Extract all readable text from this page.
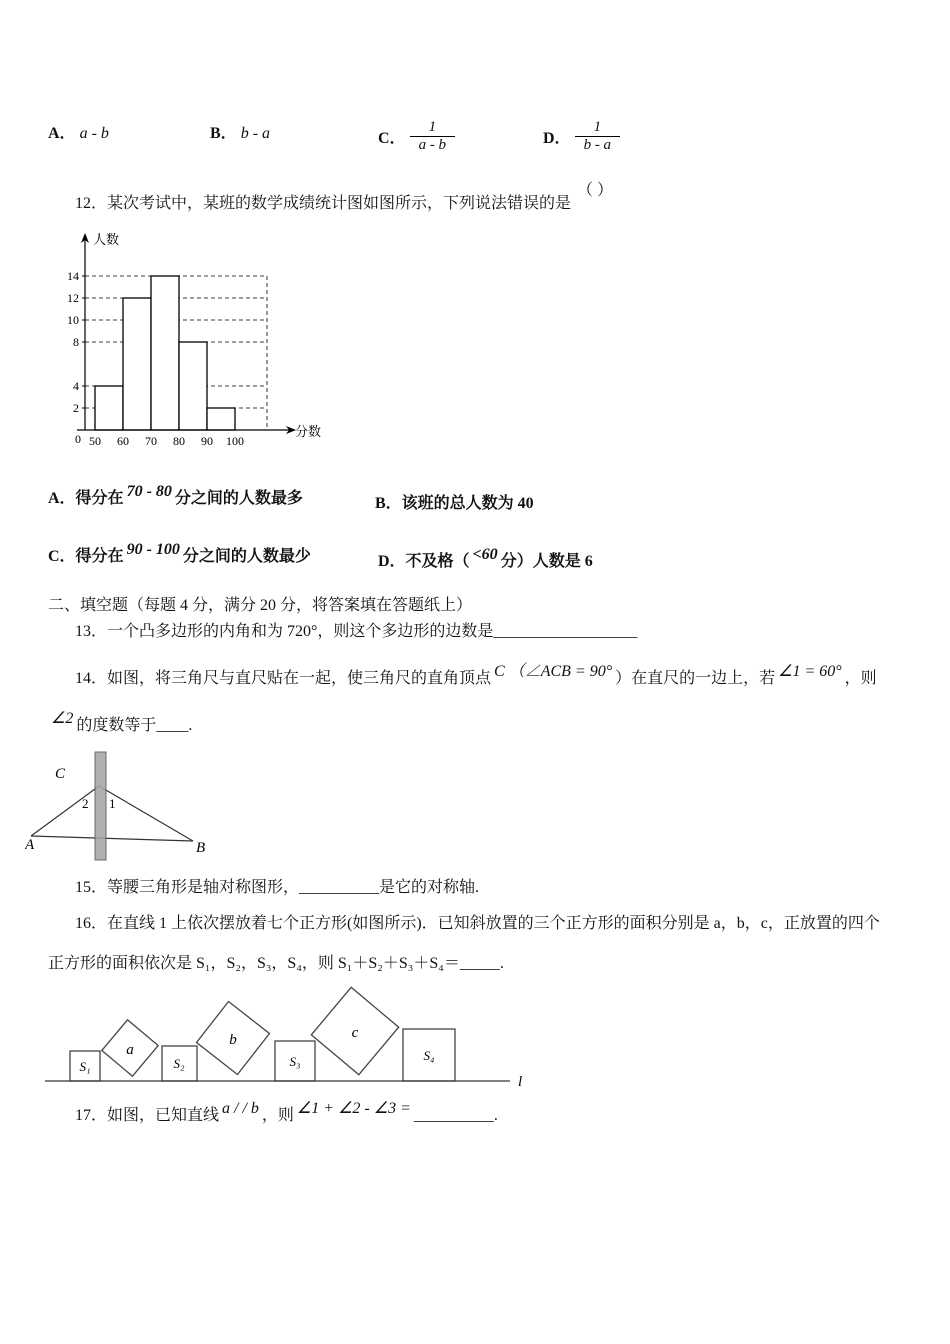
A． a - b	B． b - a	C． $\frac{1}{a - b}$	D． $\frac{1}{b - a}$
12．某次考试中，某班的数学成绩统计图如图所示，下列说法错误的是（ ）
2
4
8
10
12
14
50 60 70 80 90 100
人数
分数
0
A．得分在 70 - 80 分之间的人数最多	B．该班的总人数为 40
C．得分在 90 - 100 分之间的人数最少	D．不及格（ <60 分）人数是 6
二、填空题（每题 4 分，满分 20 分，将答案填在答题纸上）
13．一个凸多边形的内角和为 720°，则这个多边形的边数是__________________
14．如图，将三角尺与直尺贴在一起，使三角尺的直角顶点 C （∠ACB = 90° ）在直尺的一边上，若 ∠1 = 60° ，则
∠2 的度数等于____.
C
A	B
2 1
15．等腰三角形是轴对称图形，__________是它的对称轴.
16．在直线 1 上依次摆放着七个正方形(如图所示)．已知斜放置的三个正方形的面积分别是 a，b，c，正放置的四个
正方形的面积依次是 S₁，S₂，S₃，S₄，则 S₁＋S₂＋S₃＋S₄＝_____.
S₁
a
S₂
b
S₃
c
S₄
l
17．如图，已知直线 a / / b ，则 ∠1 + ∠2 - ∠3 = __________.
